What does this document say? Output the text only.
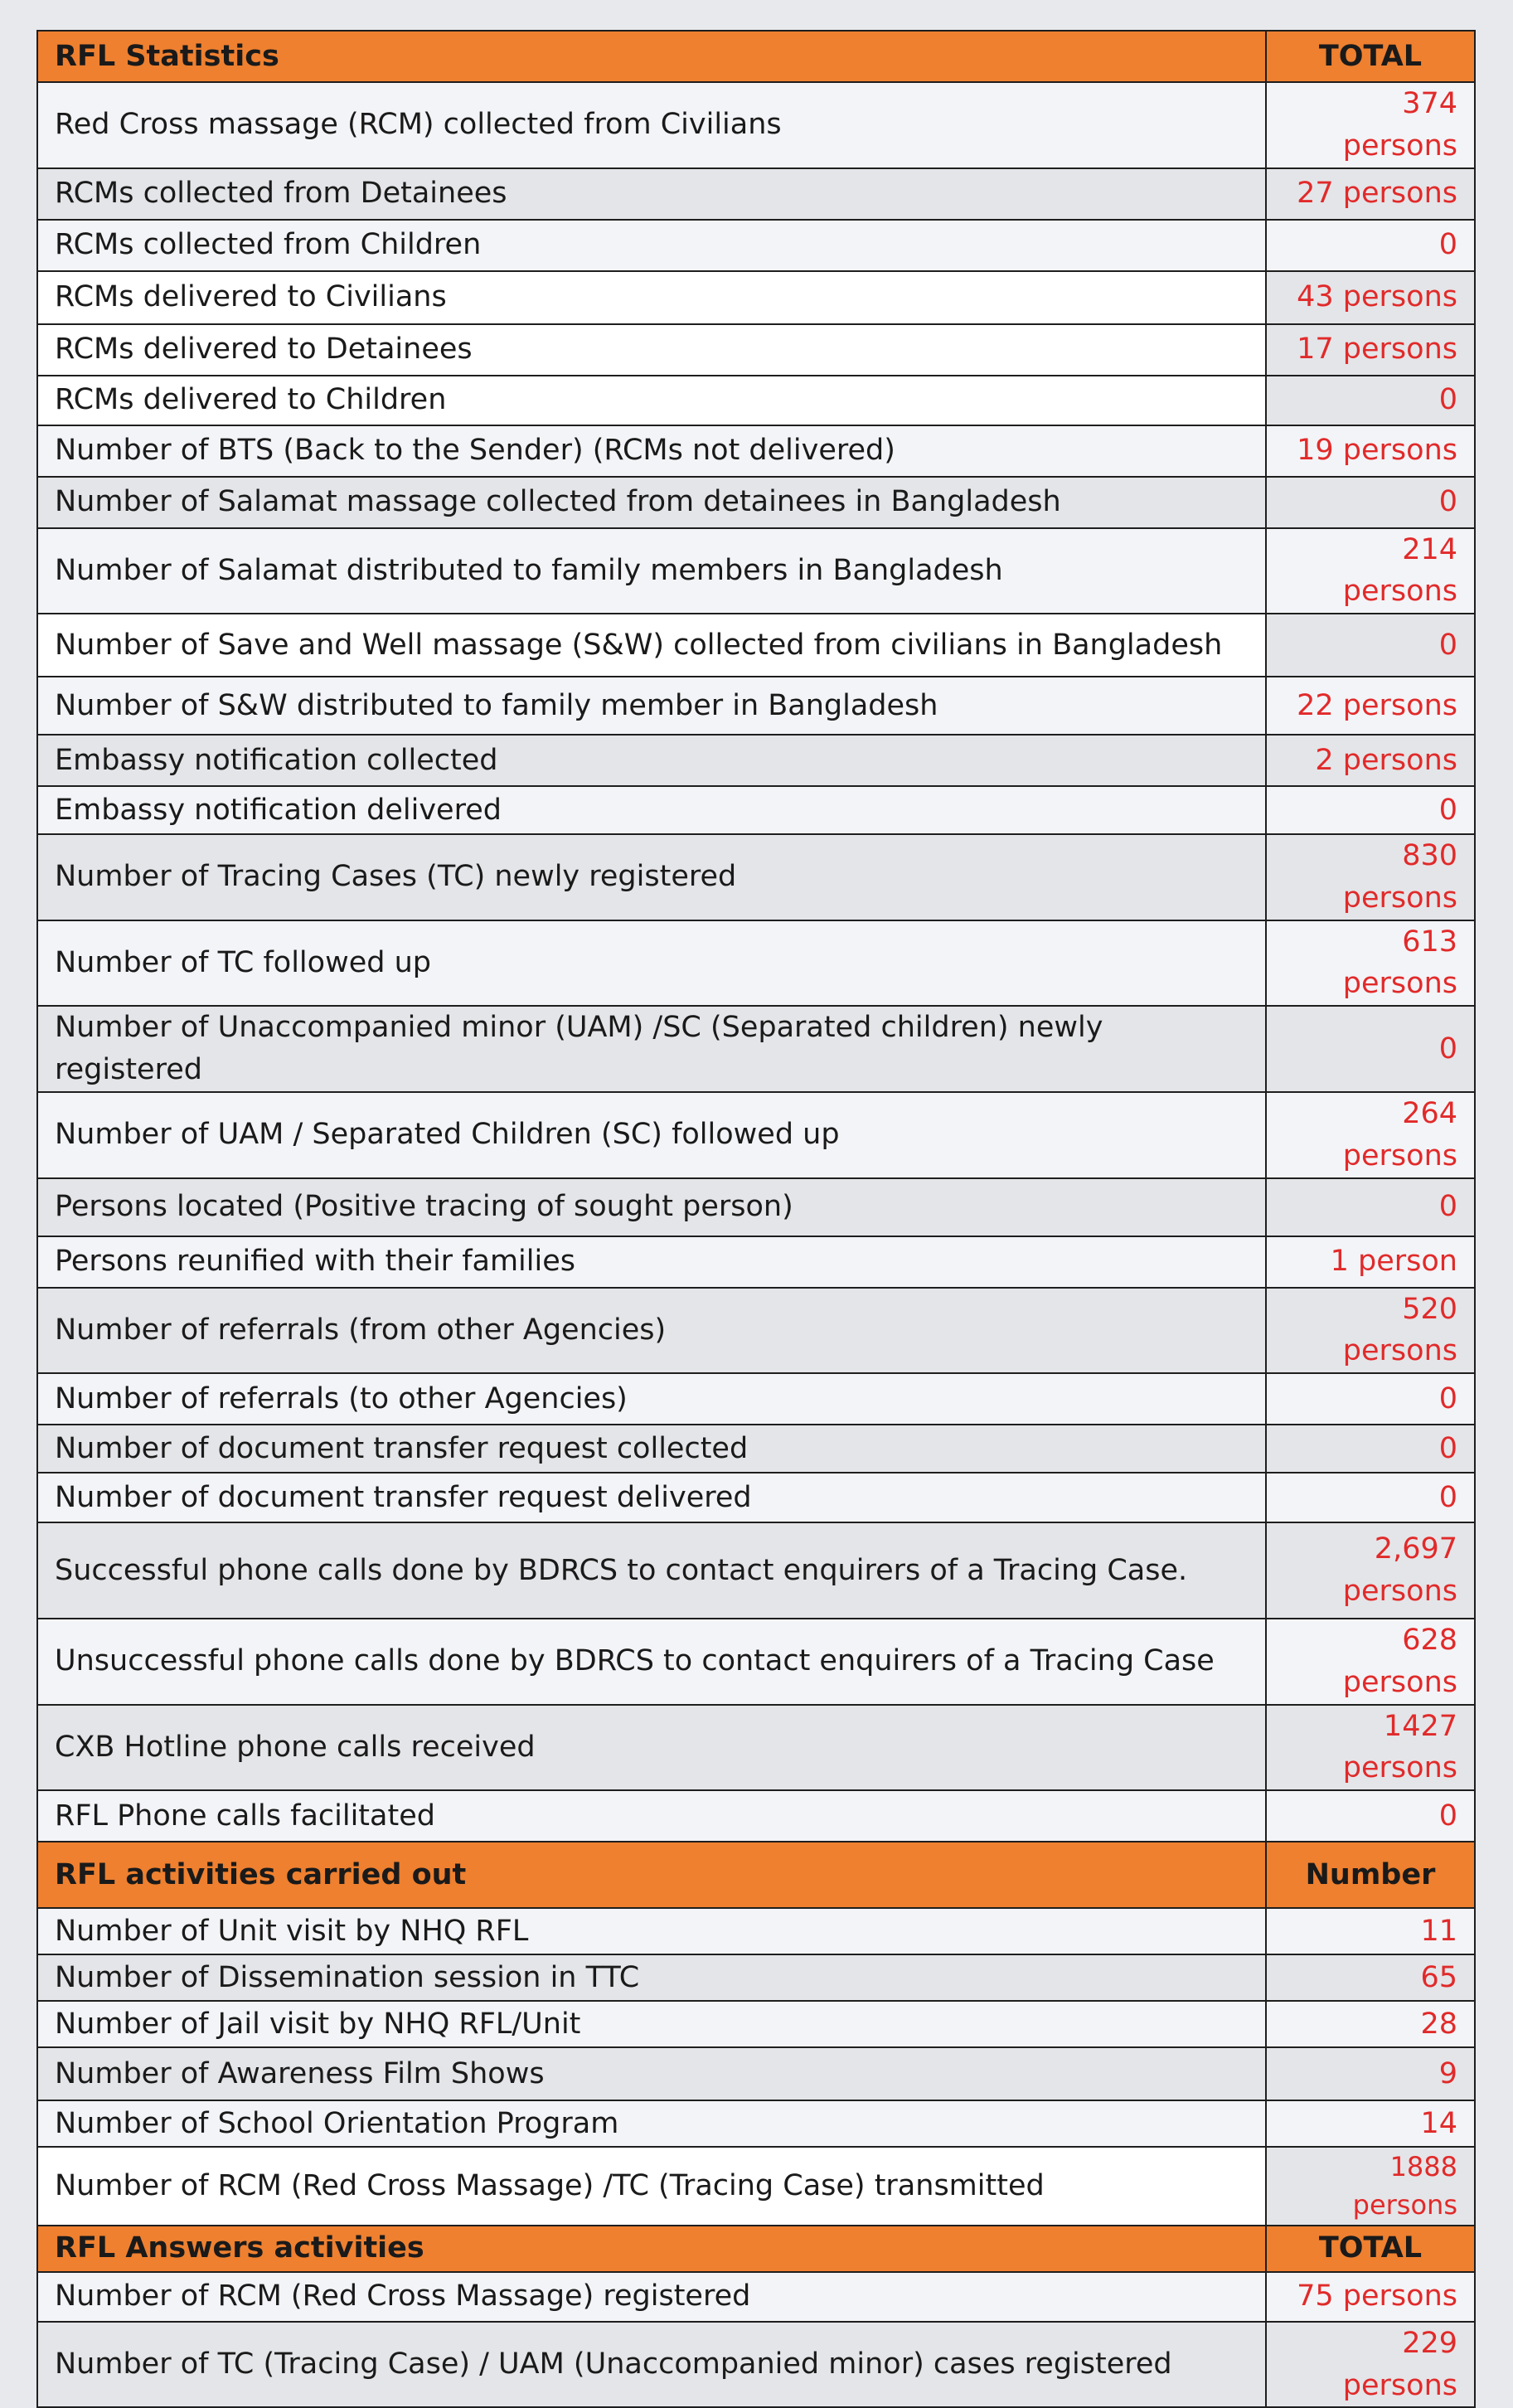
RFL Statistics	TOTAL
Red Cross massage (RCM) collected from Civilians	374 persons
RCMs collected from Detainees	27 persons
RCMs collected from Children	0
RCMs delivered to Civilians	43 persons
RCMs delivered to Detainees	17 persons
RCMs delivered to Children	0
Number of BTS (Back to the Sender) (RCMs not delivered)	19 persons
Number of Salamat massage collected from detainees in Bangladesh	0
Number of Salamat distributed to family members in Bangladesh	214 persons
Number of Save and Well massage (S&W) collected from civilians in Bangladesh	0
Number of S&W distributed to family member in Bangladesh	22 persons
Embassy notification collected	2 persons
Embassy notification delivered	0
Number of Tracing Cases (TC) newly registered	830 persons
Number of TC followed up	613 persons
Number of Unaccompanied minor (UAM) /SC (Separated children) newly registered	0
Number of UAM / Separated Children (SC) followed up	264 persons
Persons located (Positive tracing of sought person)	0
Persons reunified with their families	1 person
Number of referrals (from other Agencies)	520 persons
Number of referrals (to other Agencies)	0
Number of document transfer request collected	0
Number of document transfer request delivered	0
Successful phone calls done by BDRCS to contact enquirers of a Tracing Case.	2,697 persons
Unsuccessful phone calls done by BDRCS to contact enquirers of a Tracing Case	628 persons
CXB Hotline phone calls received	1427 persons
RFL Phone calls facilitated	0
RFL activities carried out	Number
Number of Unit visit by NHQ RFL	11
Number of Dissemination session in TTC	65
Number of Jail visit by NHQ RFL/Unit	28
Number of Awareness Film Shows	9
Number of School Orientation Program	14
Number of RCM (Red Cross Massage) /TC (Tracing Case) transmitted	1888 persons
RFL Answers activities	TOTAL
Number of RCM (Red Cross Massage) registered	75 persons
Number of TC (Tracing Case) / UAM (Unaccompanied minor) cases registered	229 persons
